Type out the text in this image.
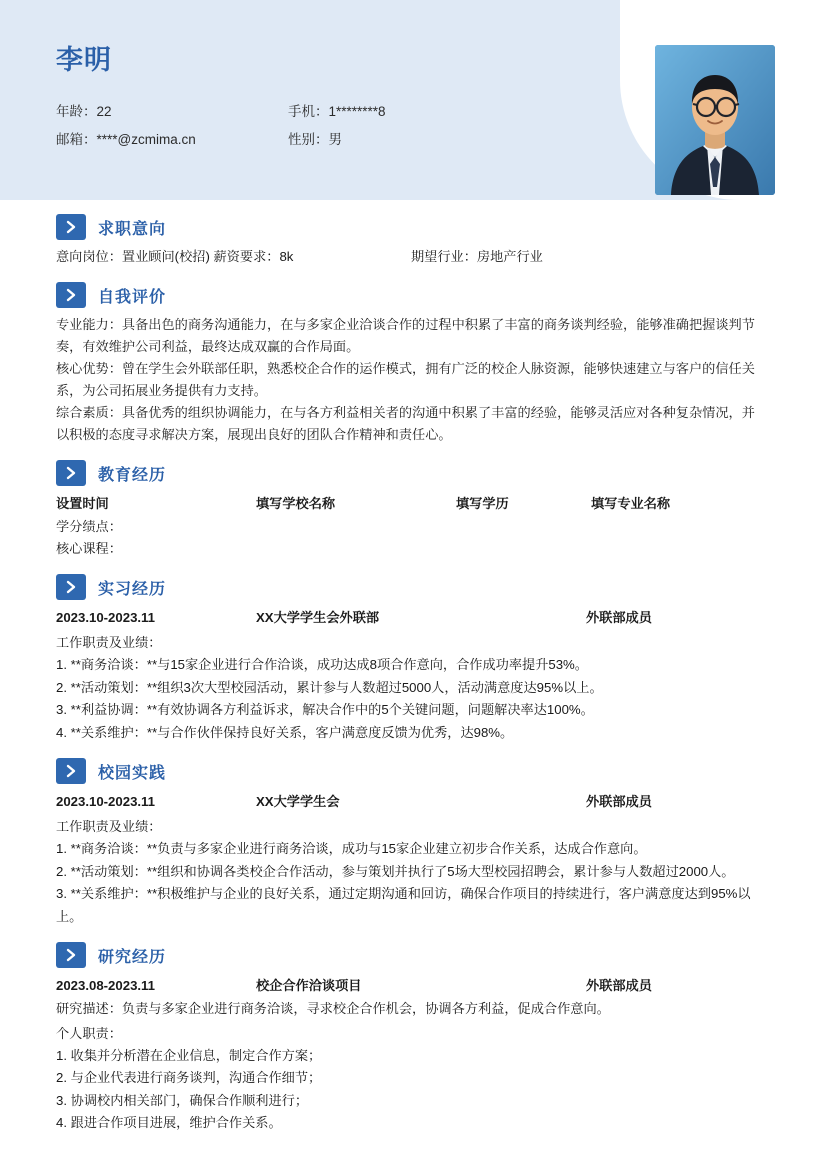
李明
年龄：22	手机：1********8
邮箱：****@zcmima.cn	性别：男
求职意向
意向岗位：置业顾问(校招) 薪资要求：8k	期望行业：房地产行业
自我评价

专业能力：具备出色的商务沟通能力，在与多家企业洽谈合作的过程中积累了丰富的商务谈判经验，能够准确把握谈判节奏，有效维护公司利益，最终达成双赢的合作局面。

核心优势：曾在学生会外联部任职，熟悉校企合作的运作模式，拥有广泛的校企人脉资源，能够快速建立与客户的信任关系，为公司拓展业务提供有力支持。

综合素质：具备优秀的组织协调能力，在与各方利益相关者的沟通中积累了丰富的经验，能够灵活应对各种复杂情况，并以积极的态度寻求解决方案，展现出良好的团队合作精神和责任心。

教育经历
设置时间	填写学校名称	填写学历	填写专业名称
学分绩点：
核心课程：
实习经历
2023.10-2023.11	XX大学学生会外联部	外联部成员
工作职责及业绩：

1. **商务洽谈：**与15家企业进行合作洽谈，成功达成8项合作意向，合作成功率提升53%。

2. **活动策划：**组织3次大型校园活动，累计参与人数超过5000人，活动满意度达95%以上。

3. **利益协调：**有效协调各方利益诉求，解决合作中的5个关键问题，问题解决率达100%。

4. **关系维护：**与合作伙伴保持良好关系，客户满意度反馈为优秀，达98%。

校园实践
2023.10-2023.11	XX大学学生会	外联部成员
工作职责及业绩：

1. **商务洽谈：**负责与多家企业进行商务洽谈，成功与15家企业建立初步合作关系，达成合作意向。

2. **活动策划：**组织和协调各类校企合作活动，参与策划并执行了5场大型校园招聘会，累计参与人数超过2000人。

3. **关系维护：**积极维护与企业的良好关系，通过定期沟通和回访，确保合作项目的持续进行，客户满意度达到95%以上。

研究经历
2023.08-2023.11	校企合作洽谈项目	外联部成员

研究描述：负责与多家企业进行商务洽谈，寻求校企合作机会，协调各方利益，促成合作意向。

个人职责：

1. 收集并分析潜在企业信息，制定合作方案；

2. 与企业代表进行商务谈判，沟通合作细节；

3. 协调校内相关部门，确保合作顺利进行；

4. 跟进合作项目进展，维护合作关系。
